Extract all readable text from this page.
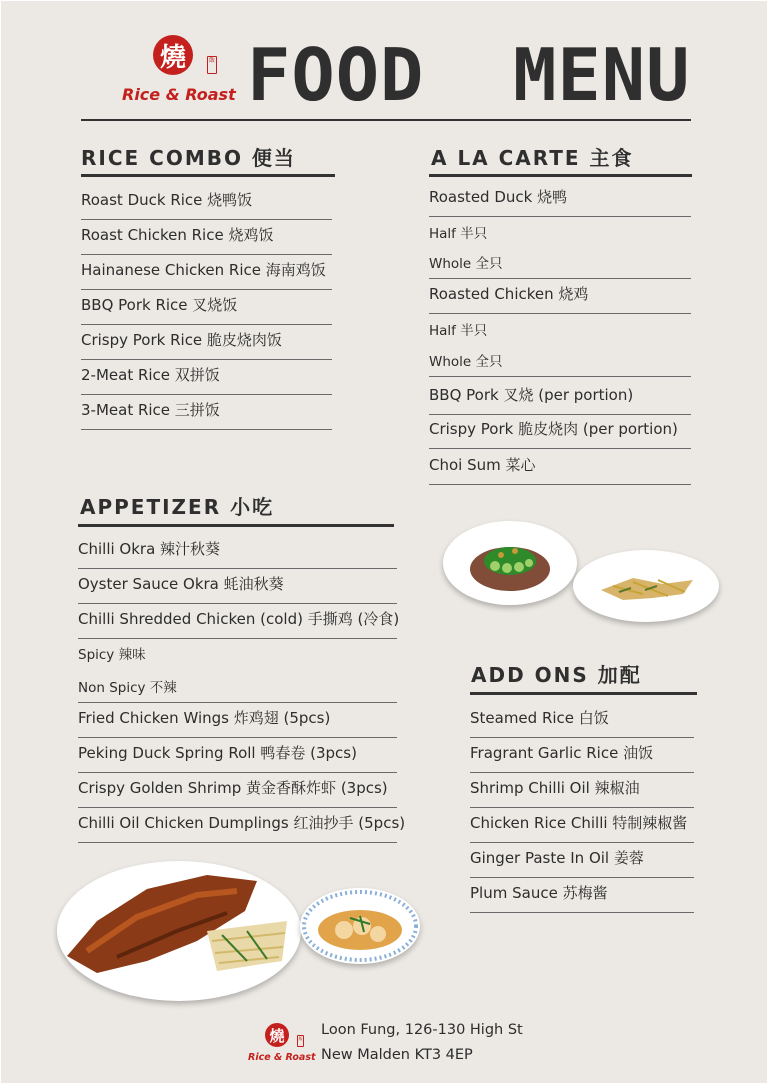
燒	飯
Rice & Roast FOOD  MENU
RICE COMBO 便当
Roast Duck Rice 烧鸭饭
Roast Chicken Rice 烧鸡饭
Hainanese Chicken Rice 海南鸡饭
BBQ Pork Rice 叉烧饭
Crispy Pork Rice 脆皮烧肉饭
2-Meat Rice 双拼饭
3-Meat Rice 三拼饭
A LA CARTE 主食
Roasted Duck 烧鸭
Half 半只
Whole 全只
Roasted Chicken 烧鸡
Half 半只
Whole 全只
BBQ Pork 叉烧 (per portion)
Crispy Pork 脆皮烧肉 (per portion)
Choi Sum 菜心
APPETIZER 小吃
Chilli Okra 辣汁秋葵
Oyster Sauce Okra 蚝油秋葵
Chilli Shredded Chicken (cold) 手撕鸡 (冷食)
Spicy 辣味
Non Spicy 不辣
Fried Chicken Wings 炸鸡翅 (5pcs)
Peking Duck Spring Roll 鸭春卷 (3pcs)
Crispy Golden Shrimp 黄金香酥炸虾 (3pcs)
Chilli Oil Chicken Dumplings 红油抄手 (5pcs)
ADD ONS 加配
Steamed Rice 白饭
Fragrant Garlic Rice 油饭
Shrimp Chilli Oil 辣椒油
Chicken Rice Chilli 特制辣椒酱
Ginger Paste In Oil 姜蓉
Plum Sauce 苏梅酱
燒	飯
Rice & Roast
Loon Fung, 126-130 High St
New Malden KT3 4EP
